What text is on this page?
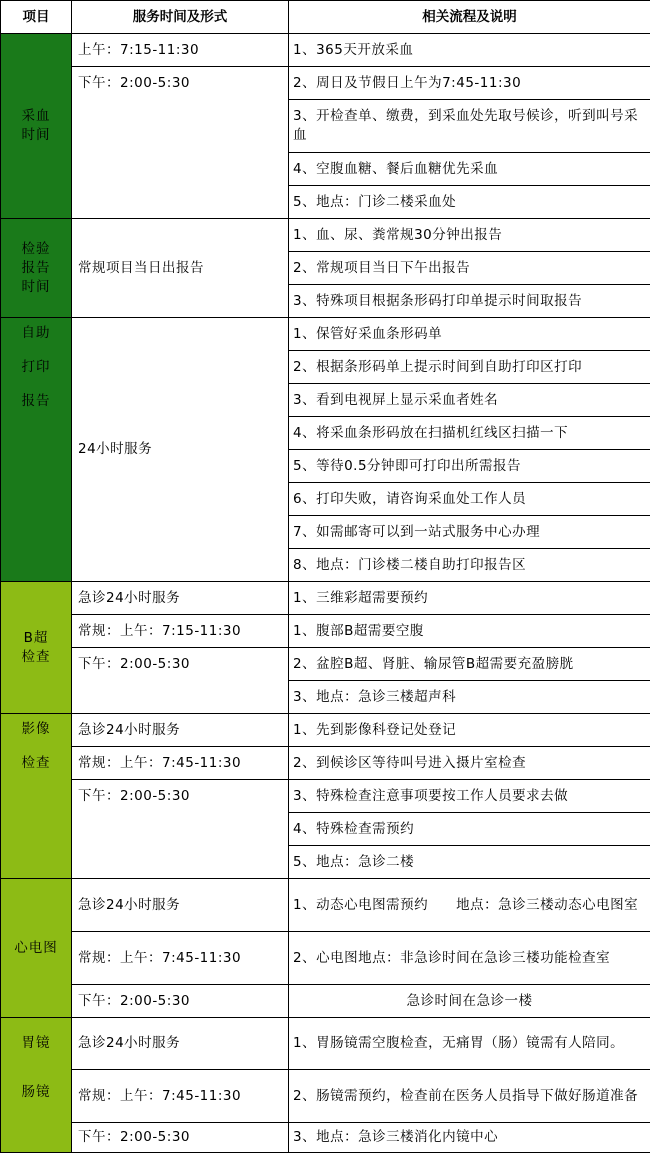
项目	服务时间及形式	相关流程及说明

采血
时间	上午：7:15-11:30	1、365天开放采血
	下午：2:00-5:30	2、周日及节假日上午为7:45-11:30
		3、开检查单、缴费，到采血处先取号候诊，听到叫号采血
		4、空腹血糖、餐后血糖优先采血
		5、地点：门诊二楼采血处

检验
报告
时间	常规项目当日出报告	1、血、尿、粪常规30分钟出报告
		2、常规项目当日下午出报告
		3、特殊项目根据条形码打印单提示时间取报告

自助
打印
报告	24小时服务	1、保管好采血条形码单
		2、根据条形码单上提示时间到自助打印区打印
		3、看到电视屏上显示采血者姓名
		4、将采血条形码放在扫描机红线区扫描一下
		5、等待0.5分钟即可打印出所需报告
		6、打印失败，请咨询采血处工作人员
		7、如需邮寄可以到一站式服务中心办理
		8、地点：门诊楼二楼自助打印报告区

B超
检查	急诊24小时服务	1、三维彩超需要预约
	常规：上午：7:15-11:30	1、腹部B超需要空腹
	下午：2:00-5:30	2、盆腔B超、肾脏、输尿管B超需要充盈膀胱
		3、地点：急诊三楼超声科

影像
检查	急诊24小时服务	1、先到影像科登记处登记
	常规：上午：7:45-11:30	2、到候诊区等待叫号进入摄片室检查
	下午：2:00-5:30	3、特殊检查注意事项要按工作人员要求去做
		4、特殊检查需预约
		5、地点：急诊二楼

心电图	急诊24小时服务	1、动态心电图需预约　　地点：急诊三楼动态心电图室
	常规：上午：7:45-11:30	2、心电图地点：非急诊时间在急诊三楼功能检查室
	下午：2:00-5:30	急诊时间在急诊一楼

胃镜
肠镜	急诊24小时服务	1、胃肠镜需空腹检查，无痛胃（肠）镜需有人陪同。
	常规：上午：7:45-11:30	2、肠镜需预约，检查前在医务人员指导下做好肠道准备
	下午：2:00-5:30	3、地点：急诊三楼消化内镜中心
